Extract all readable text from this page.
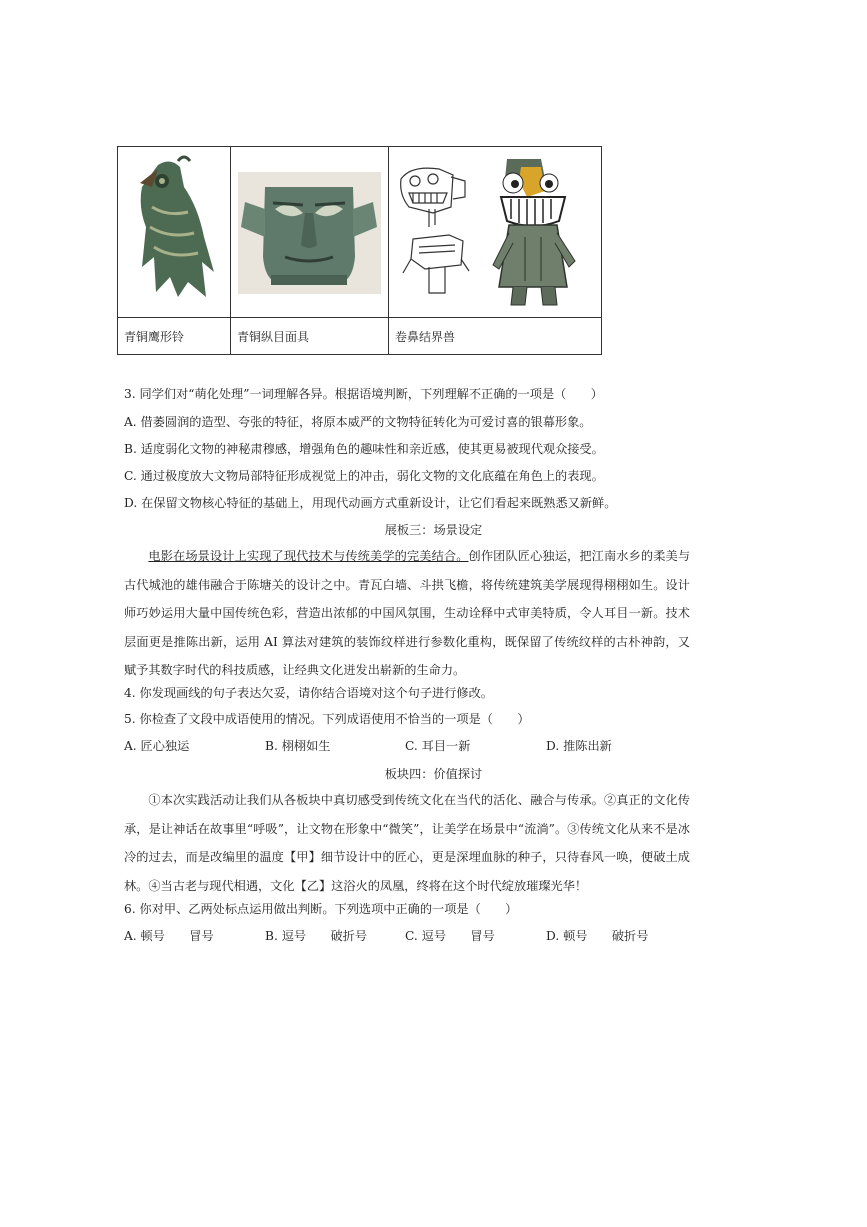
青铜鹰形铃	青铜纵目面具	卷鼻结界兽
3. 同学们对“萌化处理”一词理解各异。根据语境判断，下列理解不正确的一项是（　　）
A. 借萎圆润的造型、夸张的特征，将原本威严的文物特征转化为可爱讨喜的银幕形象。
B. 适度弱化文物的神秘肃穆感，增强角色的趣味性和亲近感，使其更易被现代观众接受。
C. 通过极度放大文物局部特征形成视觉上的冲击，弱化文物的文化底蕴在角色上的表现。
D. 在保留文物核心特征的基础上，用现代动画方式重新设计，让它们看起来既熟悉又新鲜。
展板三：场景设定
电影在场景设计上实现了现代技术与传统美学的完美结合。创作团队匠心独运，把江南水乡的柔美与古代城池的雄伟融合于陈塘关的设计之中。青瓦白墙、斗拱飞檐，将传统建筑美学展现得栩栩如生。设计师巧妙运用大量中国传统色彩，营造出浓郁的中国风氛围，生动诠释中式审美特质，令人耳目一新。技术层面更是推陈出新，运用 AI 算法对建筑的装饰纹样进行参数化重构，既保留了传统纹样的古朴神韵，又赋予其数字时代的科技质感，让经典文化迸发出崭新的生命力。
4. 你发现画线的句子表达欠妥，请你结合语境对这个句子进行修改。
5. 你检查了文段中成语使用的情况。下列成语使用不恰当的一项是（　　）
A. 匠心独运	B. 栩栩如生	C. 耳目一新	D. 推陈出新
板块四：价值探讨
①本次实践活动让我们从各板块中真切感受到传统文化在当代的活化、融合与传承。②真正的文化传承，是让神话在故事里“呼吸”，让文物在形象中“微笑”，让美学在场景中“流淌”。③传统文化从来不是冰冷的过去，而是改编里的温度【甲】细节设计中的匠心，更是深埋血脉的种子，只待春风一唤，便破土成林。④当古老与现代相遇，文化【乙】这浴火的凤凰，终将在这个时代绽放璀璨光华！
6. 你对甲、乙两处标点运用做出判断。下列选项中正确的一项是（　　）
A. 顿号　　冒号	B. 逗号　　破折号	C. 逗号　　冒号	D. 顿号　　破折号
